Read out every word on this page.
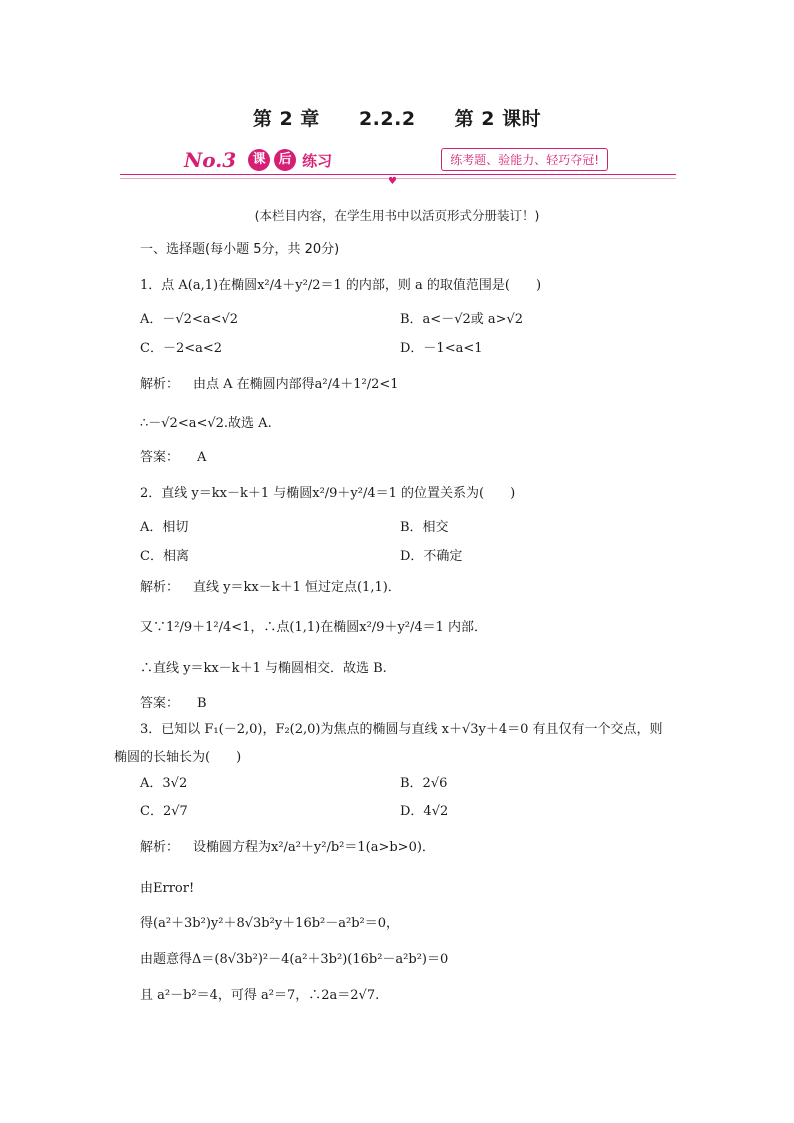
第 2 章 2.2.2 第 2 课时
No.3	课 后 练习	练考题、验能力、轻巧夺冠!
♥
(本栏目内容，在学生用书中以活页形式分册装订！)
一、选择题(每小题 5分，共 20分)
1．点 A(a,1)在椭圆x²/4＋y²/2＝1 的内部，则 a 的取值范围是(　　)
A．－√2<a<√2	B．a<－√2或 a>√2
C．－2<a<2	D．－1<a<1
解析： 由点 A 在椭圆内部得a²/4＋1²/2<1
∴－√2<a<√2.故选 A.
答案： A
2．直线 y＝kx－k＋1 与椭圆x²/9＋y²/4＝1 的位置关系为(　　)
A．相切	B．相交
C．相离	D．不确定
解析： 直线 y＝kx－k＋1 恒过定点(1,1)．
又∵1²/9＋1²/4<1，∴点(1,1)在椭圆x²/9＋y²/4＝1 内部．
∴直线 y＝kx－k＋1 与椭圆相交．故选 B.
答案： B
3．已知以 F₁(－2,0)，F₂(2,0)为焦点的椭圆与直线 x＋√3y＋4＝0 有且仅有一个交点，则
椭圆的长轴长为(　　)
A．3√2	B．2√6
C．2√7	D．4√2
解析： 设椭圆方程为x²/a²＋y²/b²＝1(a>b>0)．
由Error!
得(a²＋3b²)y²＋8√3b²y＋16b²－a²b²＝0，
由题意得Δ＝(8√3b²)²－4(a²＋3b²)(16b²－a²b²)＝0
且 a²－b²＝4，可得 a²＝7，∴2a＝2√7.
